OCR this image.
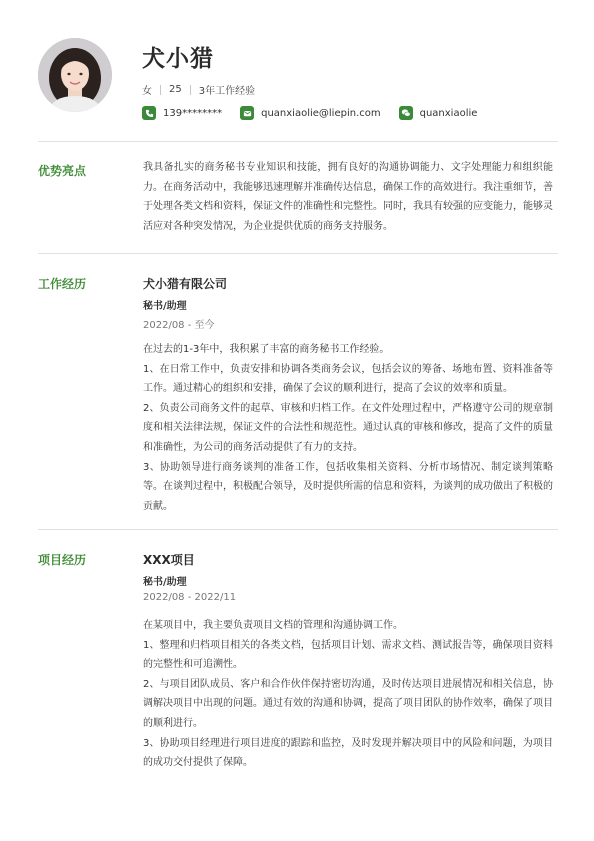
犬小猎
女 25 3年工作经验
139********	quanxiaolie@liepin.com	quanxiaolie
优势亮点	我具备扎实的商务秘书专业知识和技能，拥有良好的沟通协调能力、文字处理能力和组织能力。在商务活动中，我能够迅速理解并准确传达信息，确保工作的高效进行。我注重细节，善于处理各类文档和资料，保证文件的准确性和完整性。同时，我具有较强的应变能力，能够灵活应对各种突发情况，为企业提供优质的商务支持服务。
工作经历	犬小猎有限公司
秘书/助理
2022/08 - 至今

在过去的1-3年中，我积累了丰富的商务秘书工作经验。

1、在日常工作中，负责安排和协调各类商务会议，包括会议的筹备、场地布置、资料准备等工作。通过精心的组织和安排，确保了会议的顺利进行，提高了会议的效率和质量。

2、负责公司商务文件的起草、审核和归档工作。在文件处理过程中，严格遵守公司的规章制度和相关法律法规，保证文件的合法性和规范性。通过认真的审核和修改，提高了文件的质量和准确性，为公司的商务活动提供了有力的支持。

3、协助领导进行商务谈判的准备工作，包括收集相关资料、分析市场情况、制定谈判策略等。在谈判过程中，积极配合领导，及时提供所需的信息和资料，为谈判的成功做出了积极的贡献。

项目经历	XXX项目
秘书/助理
2022/08 - 2022/11

在某项目中，我主要负责项目文档的管理和沟通协调工作。

1、整理和归档项目相关的各类文档，包括项目计划、需求文档、测试报告等，确保项目资料的完整性和可追溯性。

2、与项目团队成员、客户和合作伙伴保持密切沟通，及时传达项目进展情况和相关信息，协调解决项目中出现的问题。通过有效的沟通和协调，提高了项目团队的协作效率，确保了项目的顺利进行。

3、协助项目经理进行项目进度的跟踪和监控，及时发现并解决项目中的风险和问题，为项目的成功交付提供了保障。
